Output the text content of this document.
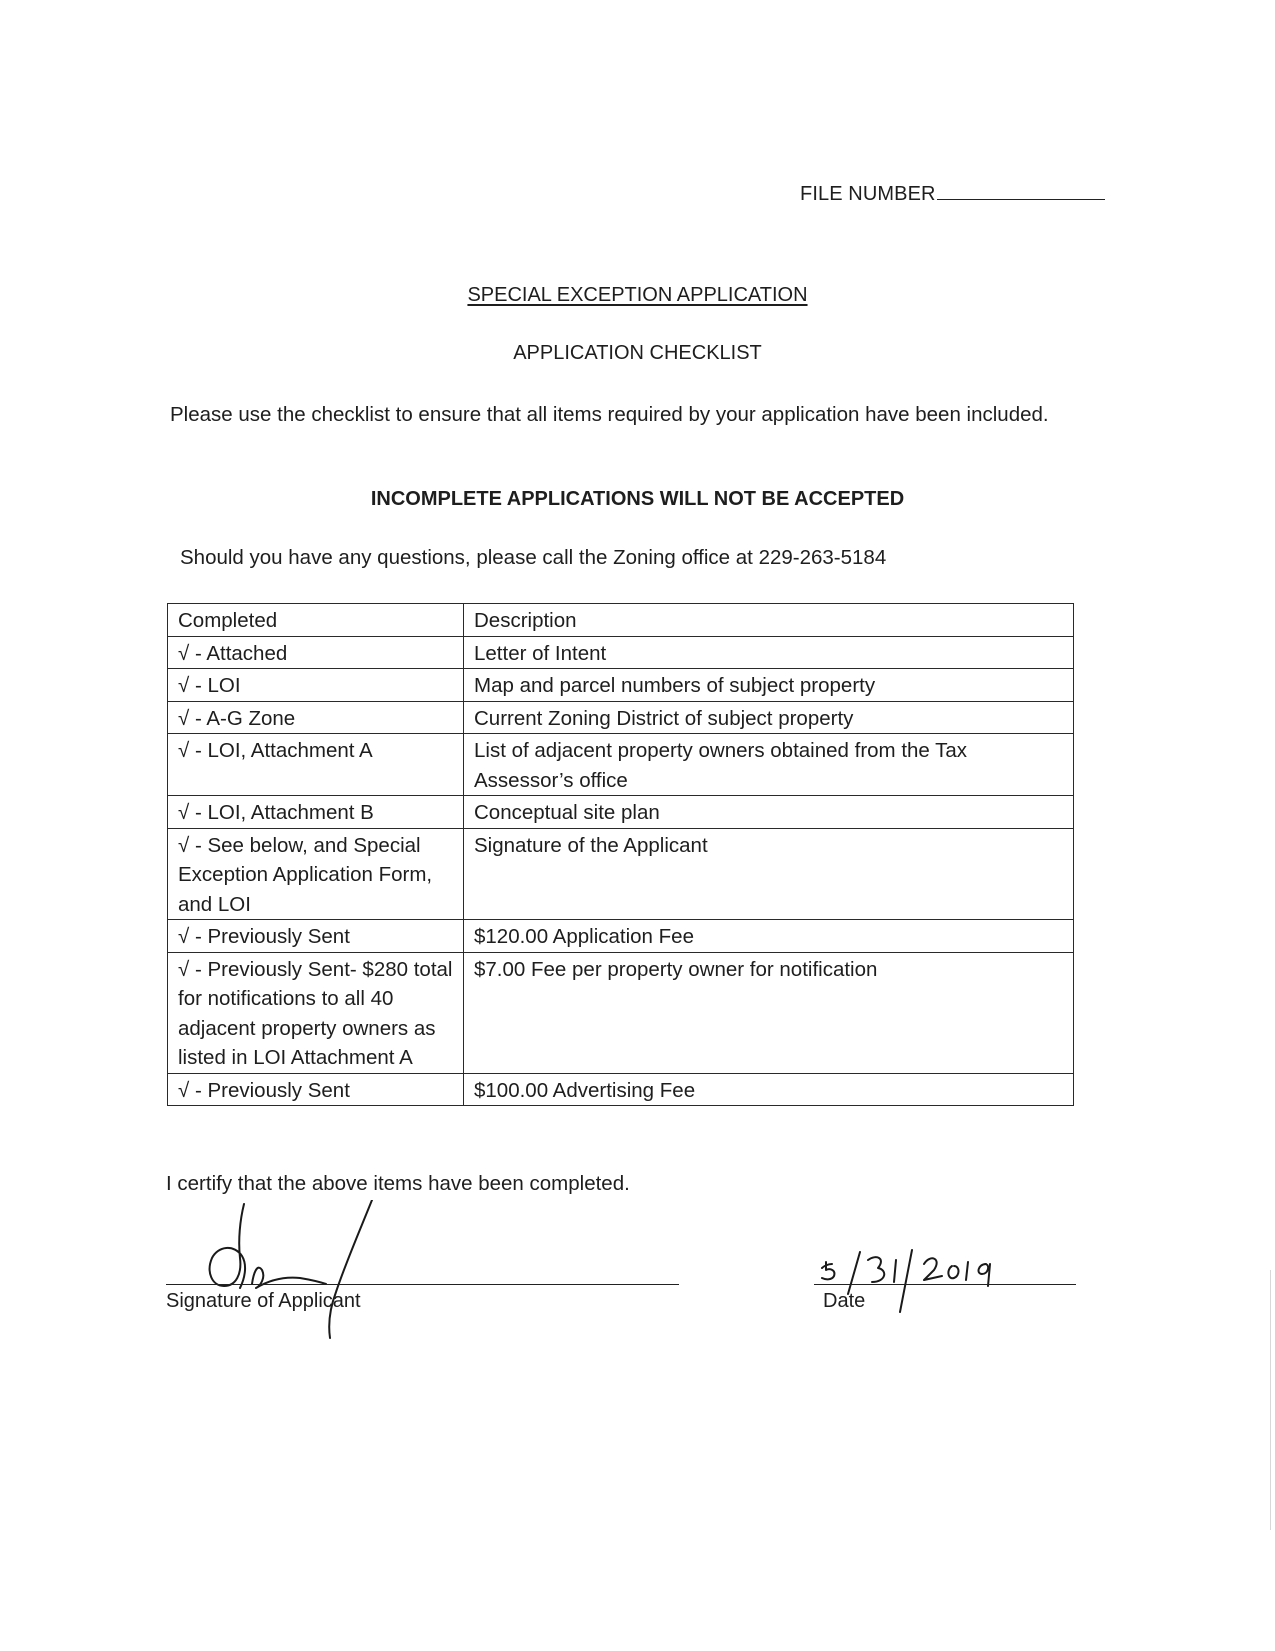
FILE NUMBER
SPECIAL EXCEPTION APPLICATION
APPLICATION CHECKLIST
Please use the checklist to ensure that all items required by your application have been included.
INCOMPLETE APPLICATIONS WILL NOT BE ACCEPTED
Should you have any questions, please call the Zoning office at 229-263-5184
Completed	Description
√ - Attached	Letter of Intent
√ - LOI	Map and parcel numbers of subject property
√ - A-G Zone	Current Zoning District of subject property
√ - LOI, Attachment A	List of adjacent property owners obtained from the Tax Assessor’s office
√ - LOI, Attachment B	Conceptual site plan
√ - See below, and Special Exception Application Form, and LOI	Signature of the Applicant
√ - Previously Sent	$120.00 Application Fee
√ - Previously Sent- $280 total for notifications to all 40 adjacent property owners as listed in LOI Attachment A	$7.00 Fee per property owner for notification
√ - Previously Sent	$100.00 Advertising Fee
I certify that the above items have been completed.
Signature of Applicant	Date
